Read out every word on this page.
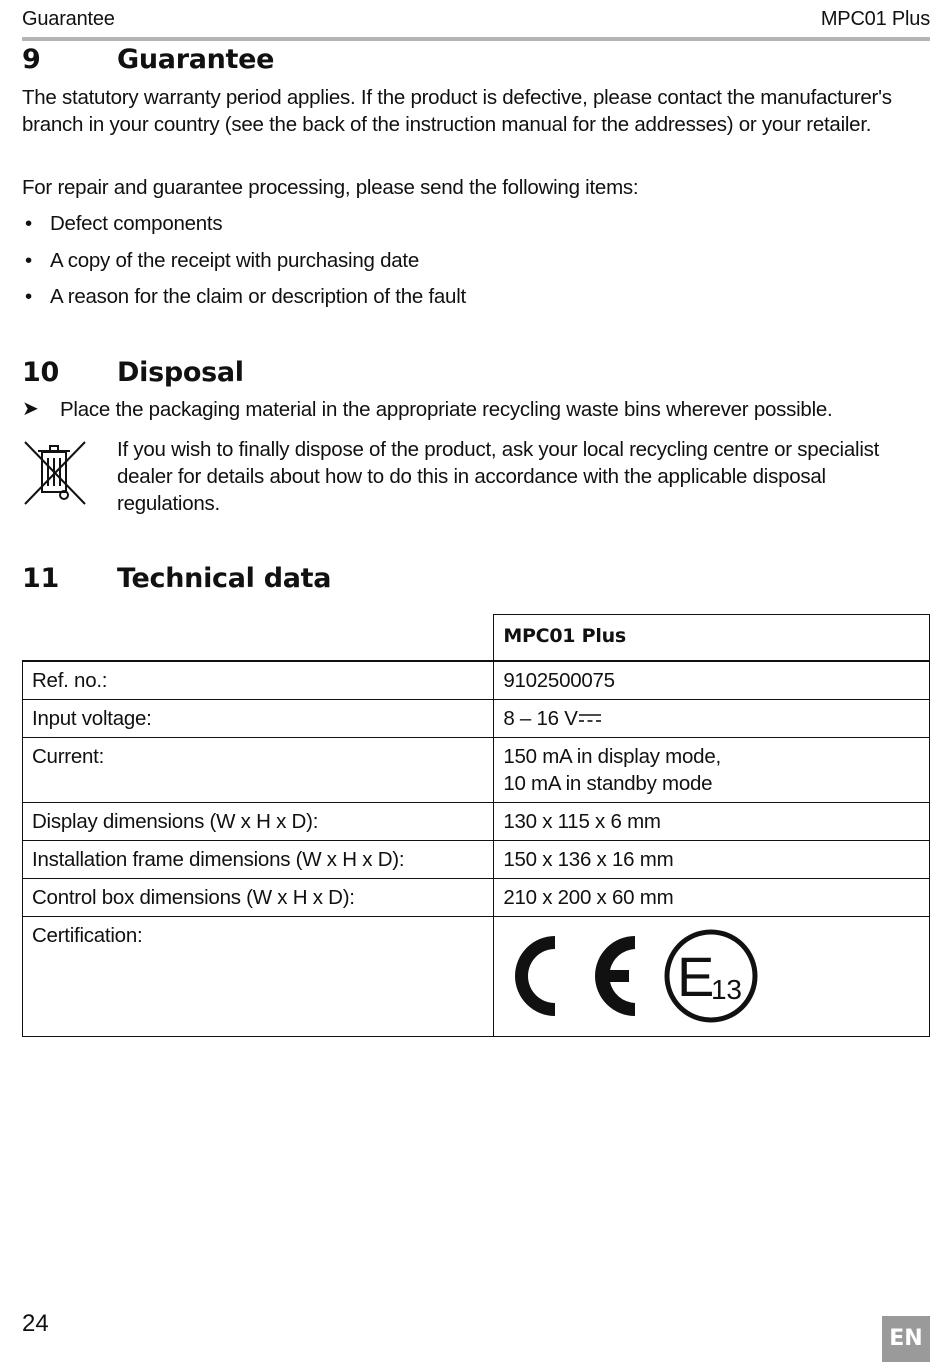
Guarantee	MPC01 Plus
9	Guarantee

The statutory warranty period applies. If the product is defective, please contact the manufacturer's branch in your country (see the back of the instruction manual for the addresses) or your retailer.

For repair and guarantee processing, please send the following items:

• Defect components
• A copy of the receipt with purchasing date
• A reason for the claim or description of the fault
10 Disposal
➤ Place the packaging material in the appropriate recycling waste bins wherever possible.

If you wish to finally dispose of the product, ask your local recycling centre or specialist dealer for details about how to do this in accordance with the applicable disposal regulations.

11 Technical data
	MPC01 Plus
Ref. no.:	9102500075
Input voltage:	8 – 16 V
Current:	150 mA in display mode,
10 mA in standby mode

Display dimensions (W x H x D):	130 x 115 x 6 mm
Installation frame dimensions (W x H x D):	150 x 136 x 16 mm
Control box dimensions (W x H x D):	210 x 200 x 60 mm
Certification:	E
13
24
EN
